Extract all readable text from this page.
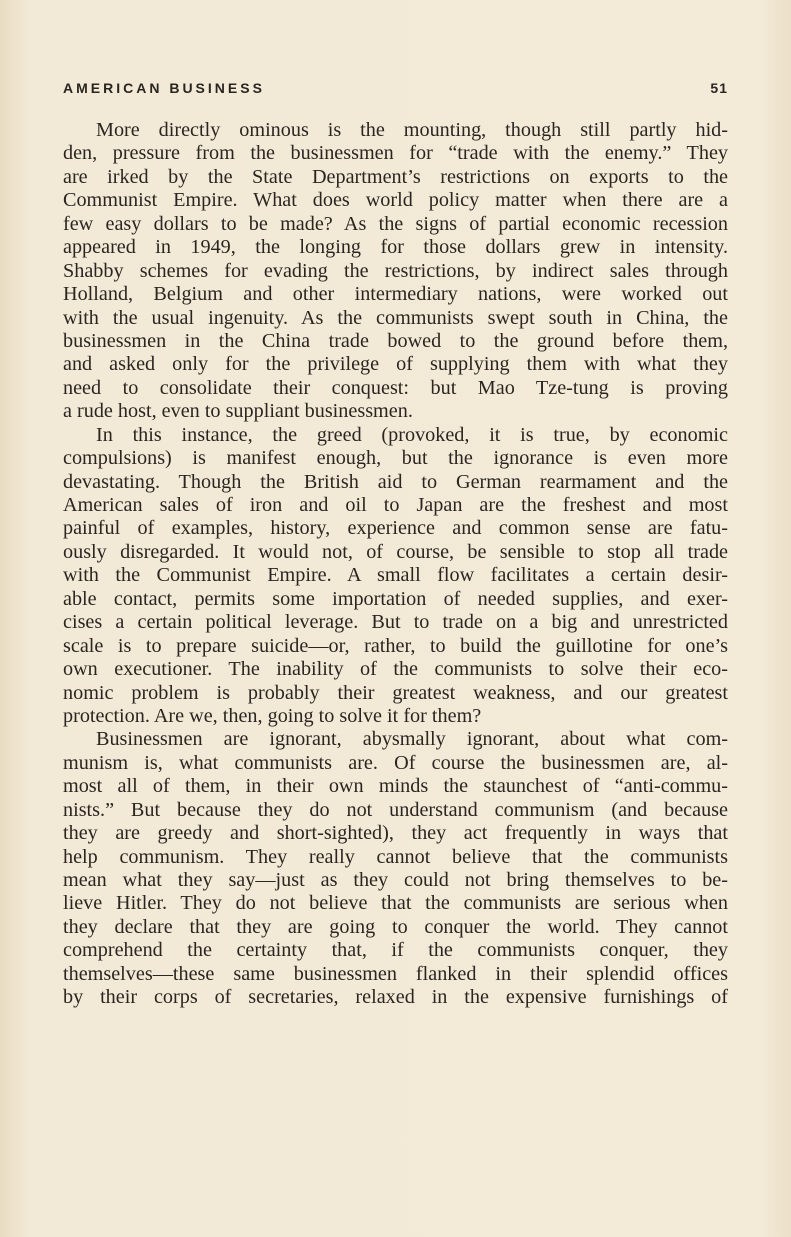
AMERICAN BUSINESS	51
More directly ominous is the mounting, though still partly hid-
den, pressure from the businessmen for “trade with the enemy.” They
are irked by the State Department’s restrictions on exports to the
Communist Empire. What does world policy matter when there are a
few easy dollars to be made? As the signs of partial economic recession
appeared in 1949, the longing for those dollars grew in intensity.
Shabby schemes for evading the restrictions, by indirect sales through
Holland, Belgium and other intermediary nations, were worked out
with the usual ingenuity. As the communists swept south in China, the
businessmen in the China trade bowed to the ground before them,
and asked only for the privilege of supplying them with what they
need to consolidate their conquest: but Mao Tze-tung is proving
a rude host, even to suppliant businessmen.
In this instance, the greed (provoked, it is true, by economic
compulsions) is manifest enough, but the ignorance is even more
devastating. Though the British aid to German rearmament and the
American sales of iron and oil to Japan are the freshest and most
painful of examples, history, experience and common sense are fatu-
ously disregarded. It would not, of course, be sensible to stop all trade
with the Communist Empire. A small flow facilitates a certain desir-
able contact, permits some importation of needed supplies, and exer-
cises a certain political leverage. But to trade on a big and unrestricted
scale is to prepare suicide—or, rather, to build the guillotine for one’s
own executioner. The inability of the communists to solve their eco-
nomic problem is probably their greatest weakness, and our greatest
protection. Are we, then, going to solve it for them?
Businessmen are ignorant, abysmally ignorant, about what com-
munism is, what communists are. Of course the businessmen are, al-
most all of them, in their own minds the staunchest of “anti-commu-
nists.” But because they do not understand communism (and because
they are greedy and short-sighted), they act frequently in ways that
help communism. They really cannot believe that the communists
mean what they say—just as they could not bring themselves to be-
lieve Hitler. They do not believe that the communists are serious when
they declare that they are going to conquer the world. They cannot
comprehend the certainty that, if the communists conquer, they
themselves—these same businessmen flanked in their splendid offices
by their corps of secretaries, relaxed in the expensive furnishings of
